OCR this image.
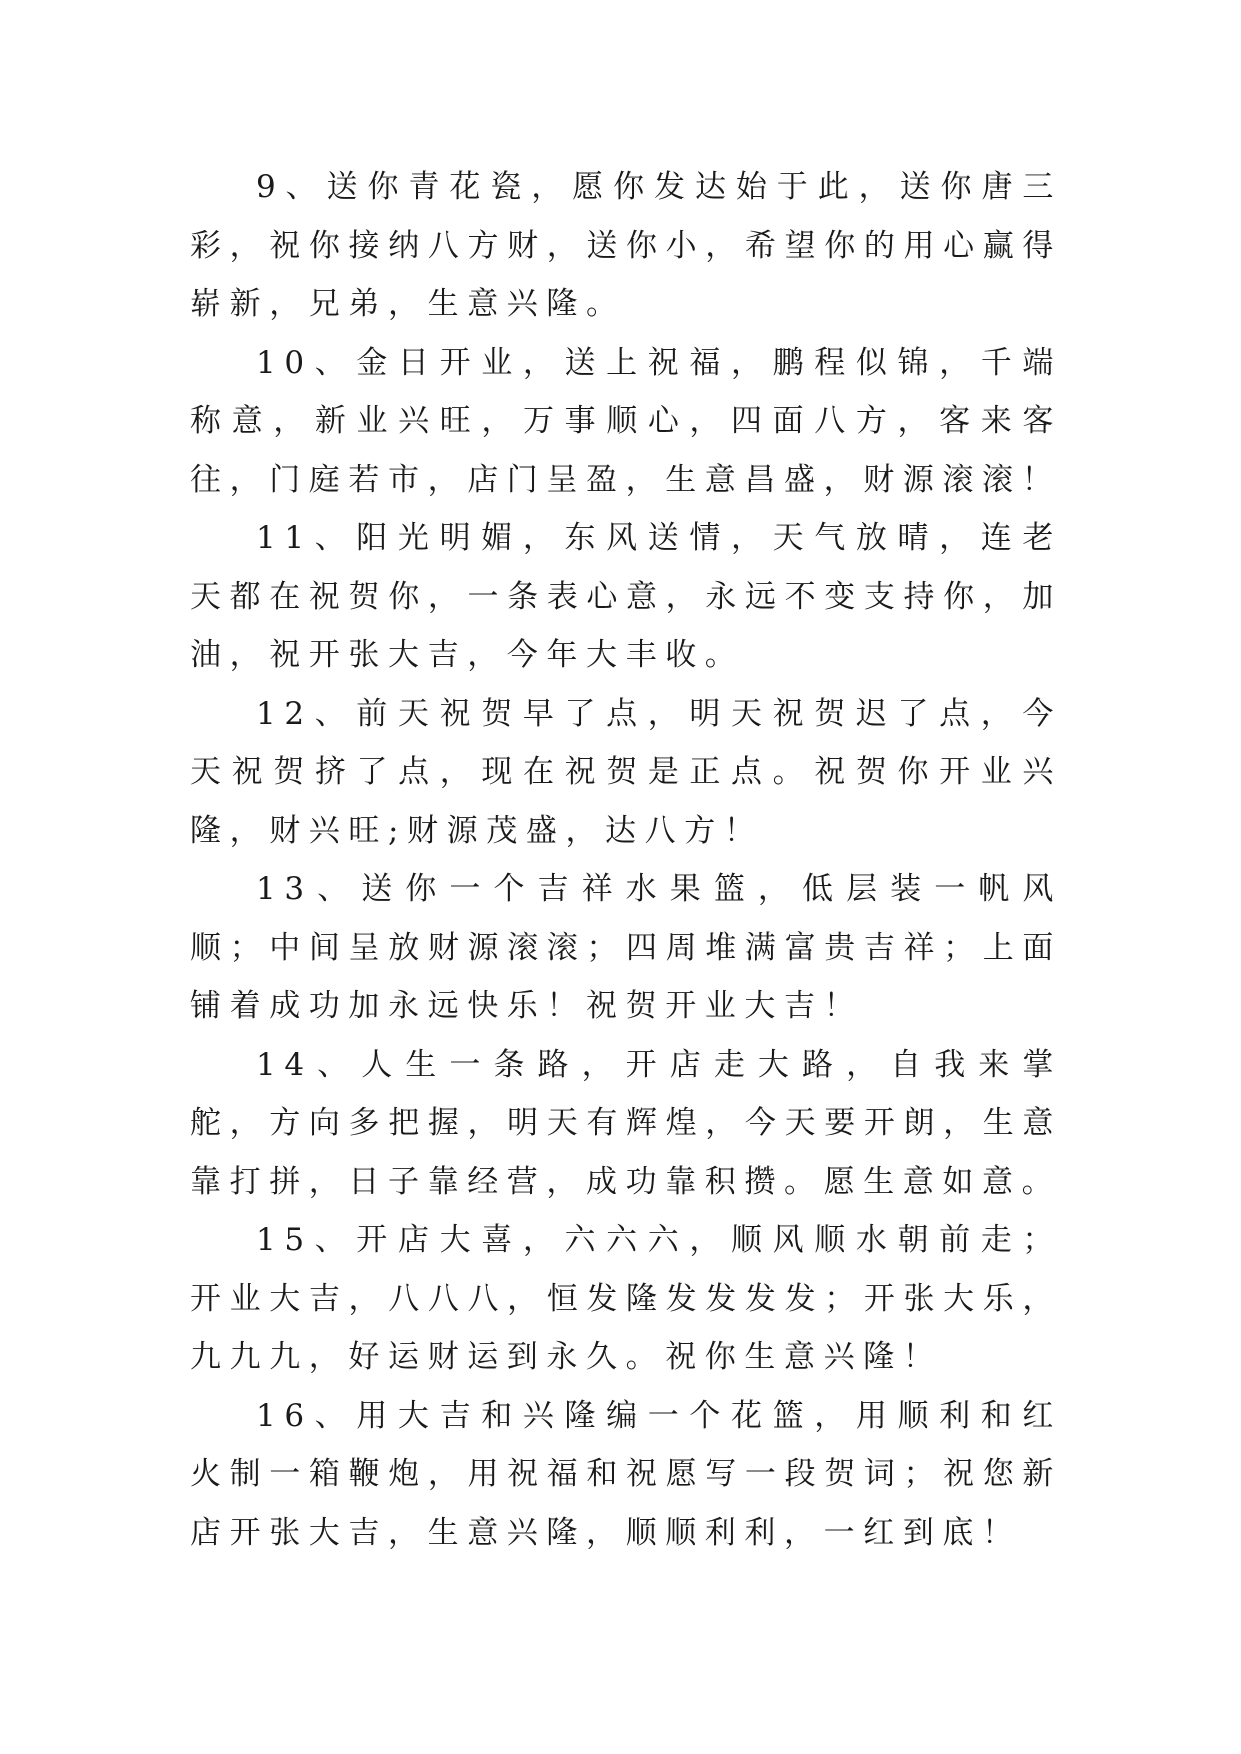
9、送你青花瓷，愿你发达始于此，送你唐三彩，祝你接纳八方财，送你小，希望你的用心赢得崭新，兄弟，生意兴隆。

10、金日开业，送上祝福，鹏程似锦，千端称意，新业兴旺，万事顺心，四面八方，客来客往，门庭若市，店门呈盈，生意昌盛，财源滚滚！

11、阳光明媚，东风送情，天气放晴，连老天都在祝贺你，一条表心意，永远不变支持你，加油，祝开张大吉，今年大丰收。

12、前天祝贺早了点，明天祝贺迟了点，今天祝贺挤了点，现在祝贺是正点。祝贺你开业兴隆，财兴旺;财源茂盛，达八方！

13、送你一个吉祥水果篮，低层装一帆风顺；中间呈放财源滚滚；四周堆满富贵吉祥；上面铺着成功加永远快乐！祝贺开业大吉！

14、人生一条路，开店走大路，自我来掌舵，方向多把握，明天有辉煌，今天要开朗，生意靠打拼，日子靠经营，成功靠积攒。愿生意如意。

15、开店大喜，六六六，顺风顺水朝前走；开业大吉，八八八，恒发隆发发发发；开张大乐，九九九，好运财运到永久。祝你生意兴隆！

16、用大吉和兴隆编一个花篮，用顺利和红火制一箱鞭炮，用祝福和祝愿写一段贺词；祝您新店开张大吉，生意兴隆，顺顺利利，一红到底！
